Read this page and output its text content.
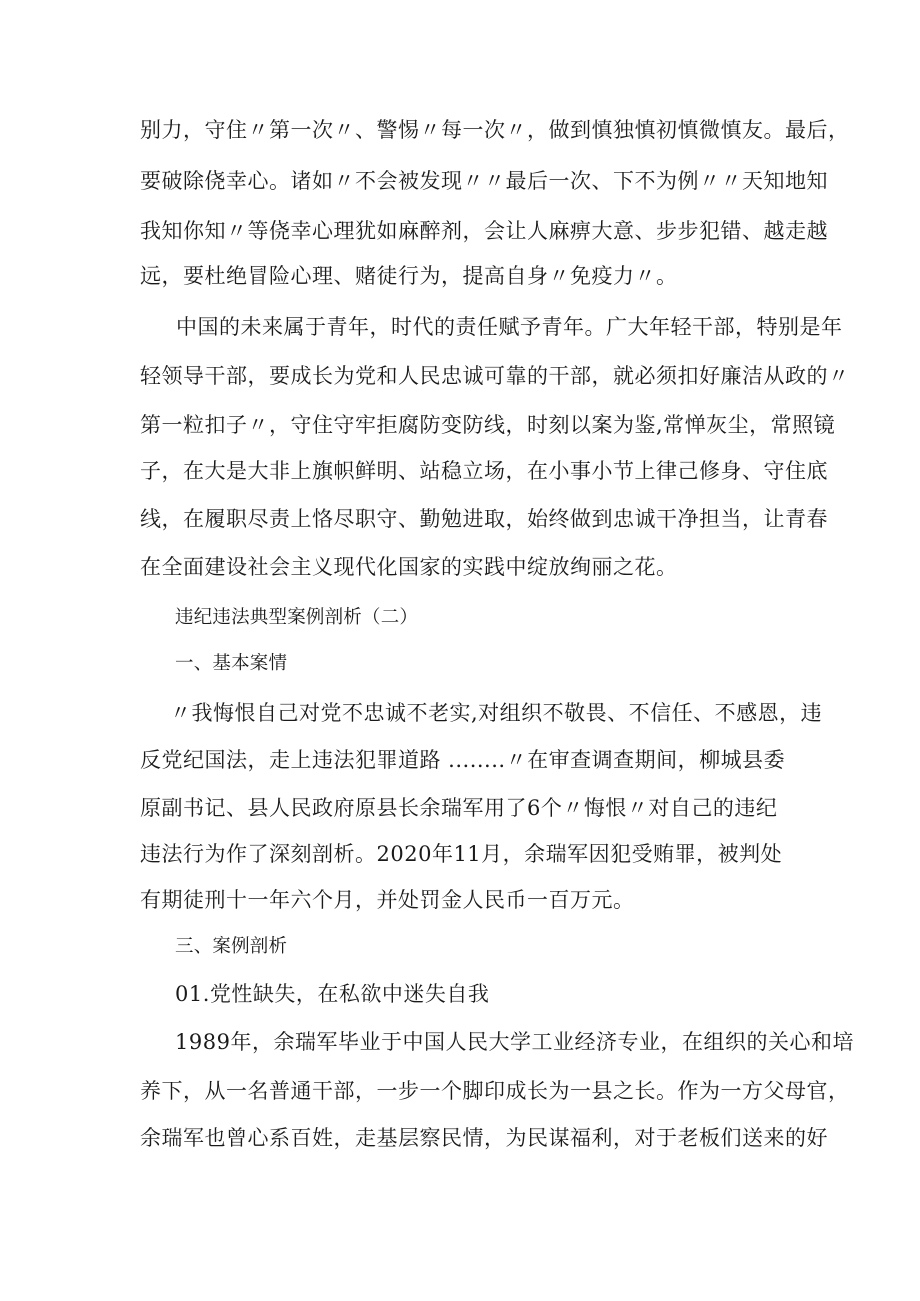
别力，守住〃第一次〃、警惕〃每一次〃，做到慎独慎初慎微慎友。最后，
要破除侥幸心。诸如〃不会被发现〃〃最后一次、下不为例〃〃天知地知
我知你知〃等侥幸心理犹如麻醉剂，会让人麻痹大意、步步犯错、越走越
远，要杜绝冒险心理、赌徒行为，提高自身〃免疫力〃。
中国的未来属于青年，时代的责任赋予青年。广大年轻干部，特别是年
轻领导干部，要成长为党和人民忠诚可靠的干部，就必须扣好廉洁从政的〃
第一粒扣子〃，守住守牢拒腐防变防线，时刻以案为鉴,常惮灰尘，常照镜
子，在大是大非上旗帜鲜明、站稳立场，在小事小节上律己修身、守住底
线，在履职尽责上恪尽职守、勤勉进取，始终做到忠诚干净担当，让青春
在全面建设社会主义现代化国家的实践中绽放绚丽之花。
违纪违法典型案例剖析（二）
一、基本案情
〃我悔恨自己对党不忠诚不老实,对组织不敬畏、不信任、不感恩，违
反党纪国法，走上违法犯罪道路 ........〃在审查调查期间，柳城县委
原副书记、县人民政府原县长余瑞军用了6个〃悔恨〃对自己的违纪
违法行为作了深刻剖析。2020年11月，余瑞军因犯受贿罪，被判处
有期徒刑十一年六个月，并处罚金人民币一百万元。
三、案例剖析
01.党性缺失，在私欲中迷失自我
1989年，余瑞军毕业于中国人民大学工业经济专业，在组织的关心和培
养下，从一名普通干部，一步一个脚印成长为一县之长。作为一方父母官，
余瑞军也曾心系百姓，走基层察民情，为民谋福利，对于老板们送来的好
